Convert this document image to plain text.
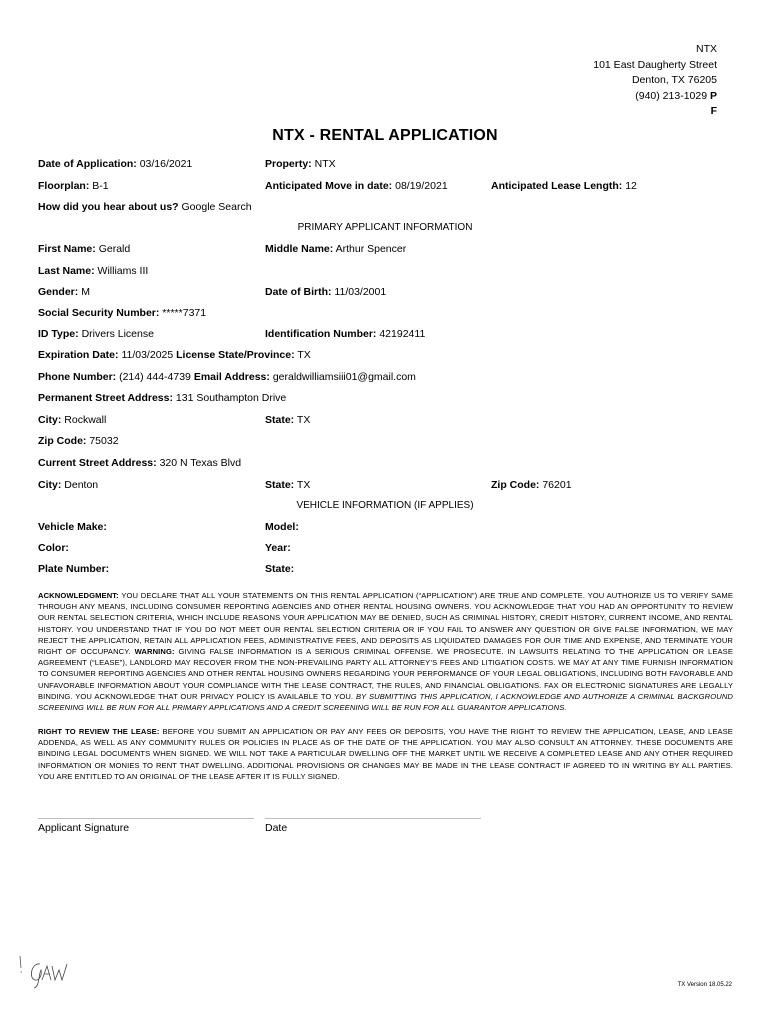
NTX
101 East Daugherty Street
Denton, TX 76205
(940) 213-1029 P
F
NTX - RENTAL APPLICATION
Date of Application: 03/16/2021	Property: NTX
Floorplan: B-1	Anticipated Move in date: 08/19/2021	Anticipated Lease Length: 12
How did you hear about us? Google Search
PRIMARY APPLICANT INFORMATION
First Name: Gerald	Middle Name: Arthur Spencer
Last Name: Williams III
Gender: M	Date of Birth: 11/03/2001
Social Security Number: *****7371
ID Type: Drivers License	Identification Number: 42192411
Expiration Date: 11/03/2025 License State/Province: TX
Phone Number: (214) 444-4739 Email Address: geraldwilliamsiii01@gmail.com
Permanent Street Address: 131 Southampton Drive
City: Rockwall	State: TX
Zip Code: 75032
Current Street Address: 320 N Texas Blvd
City: Denton	State: TX	Zip Code: 76201
VEHICLE INFORMATION (IF APPLIES)
Vehicle Make:	Model:
Color:	Year:
Plate Number:	State:
ACKNOWLEDGMENT: YOU DECLARE THAT ALL YOUR STATEMENTS ON THIS RENTAL APPLICATION (“APPLICATION”) ARE TRUE AND COMPLETE. YOU AUTHORIZE US TO VERIFY SAME THROUGH ANY MEANS, INCLUDING CONSUMER REPORTING AGENCIES AND OTHER RENTAL HOUSING OWNERS. YOU ACKNOWLEDGE THAT YOU HAD AN OPPORTUNITY TO REVIEW OUR RENTAL SELECTION CRITERIA, WHICH INCLUDE REASONS YOUR APPLICATION MAY BE DENIED, SUCH AS CRIMINAL HISTORY, CREDIT HISTORY, CURRENT INCOME, AND RENTAL HISTORY. YOU UNDERSTAND THAT IF YOU DO NOT MEET OUR RENTAL SELECTION CRITERIA OR IF YOU FAIL TO ANSWER ANY QUESTION OR GIVE FALSE INFORMATION, WE MAY REJECT THE APPLICATION, RETAIN ALL APPLICATION FEES, ADMINISTRATIVE FEES, AND DEPOSITS AS LIQUIDATED DAMAGES FOR OUR TIME AND EXPENSE, AND TERMINATE YOUR RIGHT OF OCCUPANCY. WARNING: GIVING FALSE INFORMATION IS A SERIOUS CRIMINAL OFFENSE. WE PROSECUTE. IN LAWSUITS RELATING TO THE APPLICATION OR LEASE AGREEMENT (“LEASE”), LANDLORD MAY RECOVER FROM THE NON-PREVAILING PARTY ALL ATTORNEY’S FEES AND LITIGATION COSTS. WE MAY AT ANY TIME FURNISH INFORMATION TO CONSUMER REPORTING AGENCIES AND OTHER RENTAL HOUSING OWNERS REGARDING YOUR PERFORMANCE OF YOUR LEGAL OBLIGATIONS, INCLUDING BOTH FAVORABLE AND UNFAVORABLE INFORMATION ABOUT YOUR COMPLIANCE WITH THE LEASE CONTRACT, THE RULES, AND FINANCIAL OBLIGATIONS. FAX OR ELECTRONIC SIGNATURES ARE LEGALLY BINDING. YOU ACKNOWLEDGE THAT OUR PRIVACY POLICY IS AVAILABLE TO YOU. BY SUBMITTING THIS APPLICATION, I ACKNOWLEDGE AND AUTHORIZE A CRIMINAL BACKGROUND SCREENING WILL BE RUN FOR ALL PRIMARY APPLICATIONS AND A CREDIT SCREENING WILL BE RUN FOR ALL GUARANTOR APPLICATIONS.
RIGHT TO REVIEW THE LEASE: BEFORE YOU SUBMIT AN APPLICATION OR PAY ANY FEES OR DEPOSITS, YOU HAVE THE RIGHT TO REVIEW THE APPLICATION, LEASE, AND LEASE ADDENDA, AS WELL AS ANY COMMUNITY RULES OR POLICIES IN PLACE AS OF THE DATE OF THE APPLICATION. YOU MAY ALSO CONSULT AN ATTORNEY. THESE DOCUMENTS ARE BINDING LEGAL DOCUMENTS WHEN SIGNED. WE WILL NOT TAKE A PARTICULAR DWELLING OFF THE MARKET UNTIL WE RECEIVE A COMPLETED LEASE AND ANY OTHER REQUIRED INFORMATION OR MONIES TO RENT THAT DWELLING. ADDITIONAL PROVISIONS OR CHANGES MAY BE MADE IN THE LEASE CONTRACT IF AGREED TO IN WRITING BY ALL PARTIES. YOU ARE ENTITLED TO AN ORIGINAL OF THE LEASE AFTER IT IS FULLY SIGNED.
Applicant Signature	Date
TX Version 18.05.22
